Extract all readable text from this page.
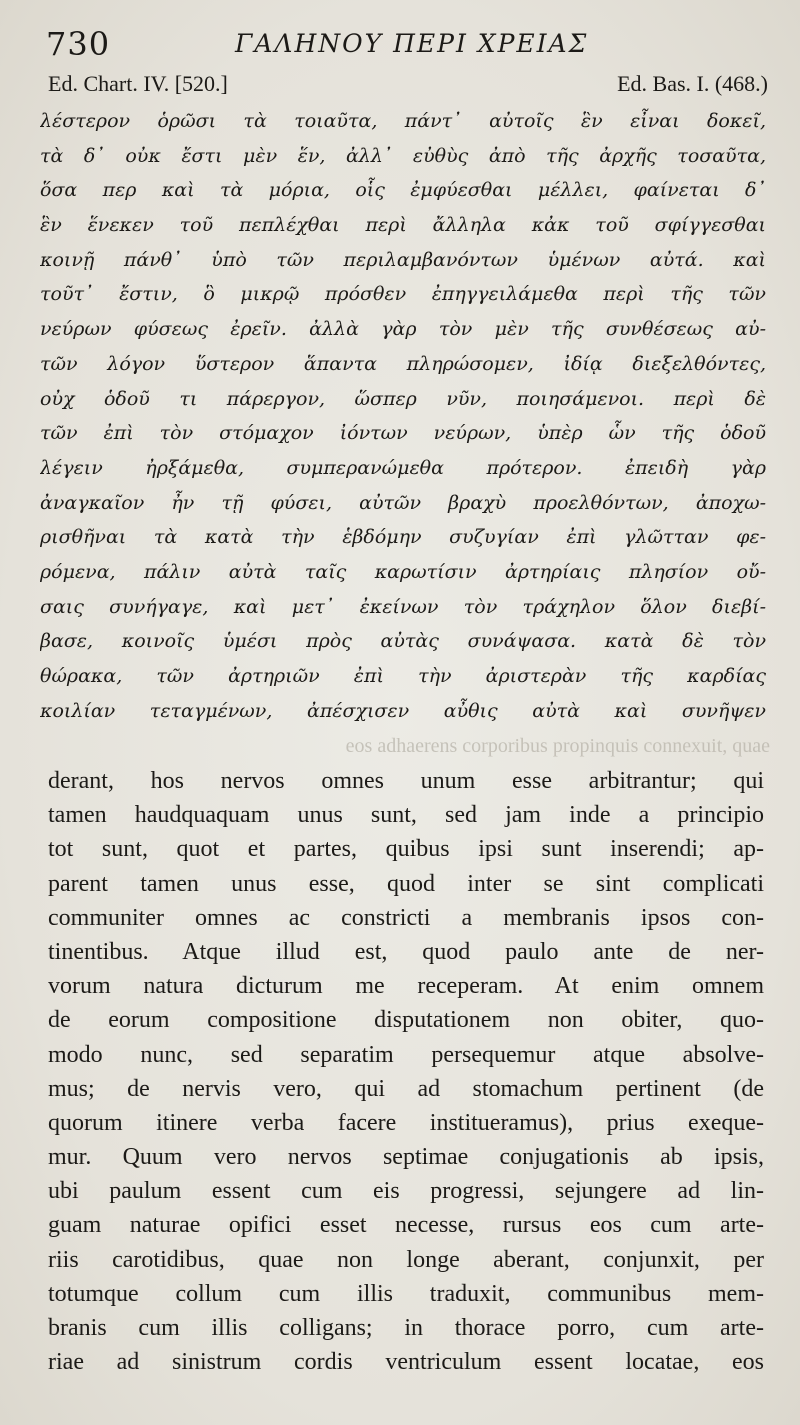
730	ΓΑΛΗΝΟΥ ΠΕΡΙ ΧΡΕΙΑΣ
Ed. Chart. IV. [520.]	Ed. Bas. I. (468.)
λέστερον ὁρῶσι τὰ τοιαῦτα, πάντ᾽ αὐτοῖς ἓν εἶναι δοκεῖ,
τὰ δ᾽ οὐκ ἔστι μὲν ἕν, ἀλλ᾽ εὐθὺς ἀπὸ τῆς ἀρχῆς τοσαῦτα,
ὅσα περ καὶ τὰ μόρια, οἷς ἐμφύεσθαι μέλλει, φαίνεται δ᾽
ἓν ἕνεκεν τοῦ πεπλέχθαι περὶ ἄλληλα κἀκ τοῦ σφίγγεσθαι
κοινῇ πάνθ᾽ ὑπὸ τῶν περιλαμβανόντων ὑμένων αὐτά. καὶ
τοῦτ᾽ ἔστιν, ὃ μικρῷ πρόσθεν ἐπηγγειλάμεθα περὶ τῆς τῶν
νεύρων φύσεως ἐρεῖν. ἀλλὰ γὰρ τὸν μὲν τῆς συνθέσεως αὐ-
τῶν λόγον ὕστερον ἅπαντα πληρώσομεν, ἰδίᾳ διεξελθόντες,
οὐχ ὁδοῦ τι πάρεργον, ὥσπερ νῦν, ποιησάμενοι. περὶ δὲ
τῶν ἐπὶ τὸν στόμαχον ἰόντων νεύρων, ὑπὲρ ὧν τῆς ὁδοῦ
λέγειν ἠρξάμεθα, συμπερανώμεθα πρότερον. ἐπειδὴ γὰρ
ἀναγκαῖον ἦν τῇ φύσει, αὐτῶν βραχὺ προελθόντων, ἀποχω-
ρισθῆναι τὰ κατὰ τὴν ἑβδόμην συζυγίαν ἐπὶ γλῶτταν φε-
ρόμενα, πάλιν αὐτὰ ταῖς καρωτίσιν ἀρτηρίαις πλησίον οὔ-
σαις συνήγαγε, καὶ μετ᾽ ἐκείνων τὸν τράχηλον ὅλον διεβί-
βασε, κοινοῖς ὑμέσι πρὸς αὐτὰς συνάψασα. κατὰ δὲ τὸν
θώρακα, τῶν ἀρτηριῶν ἐπὶ τὴν ἀριστερὰν τῆς καρδίας
κοιλίαν τεταγμένων, ἀπέσχισεν αὖθις αὐτὰ καὶ συνῆψεν
eos adhaerens corporibus propinquis connexuit, quae
derant, hos nervos omnes unum esse arbitrantur; qui
tamen haudquaquam unus sunt, sed jam inde a principio
tot sunt, quot et partes, quibus ipsi sunt inserendi; ap-
parent tamen unus esse, quod inter se sint complicati
communiter omnes ac constricti a membranis ipsos con-
tinentibus. Atque illud est, quod paulo ante de ner-
vorum natura dicturum me receperam. At enim omnem
de eorum compositione disputationem non obiter, quo-
modo nunc, sed separatim persequemur atque absolve-
mus; de nervis vero, qui ad stomachum pertinent (de
quorum itinere verba facere institueramus), prius exeque-
mur. Quum vero nervos septimae conjugationis ab ipsis,
ubi paulum essent cum eis progressi, sejungere ad lin-
guam naturae opifici esset necesse, rursus eos cum arte-
riis carotidibus, quae non longe aberant, conjunxit, per
totumque collum cum illis traduxit, communibus mem-
branis cum illis colligans; in thorace porro, cum arte-
riae ad sinistrum cordis ventriculum essent locatae, eos
